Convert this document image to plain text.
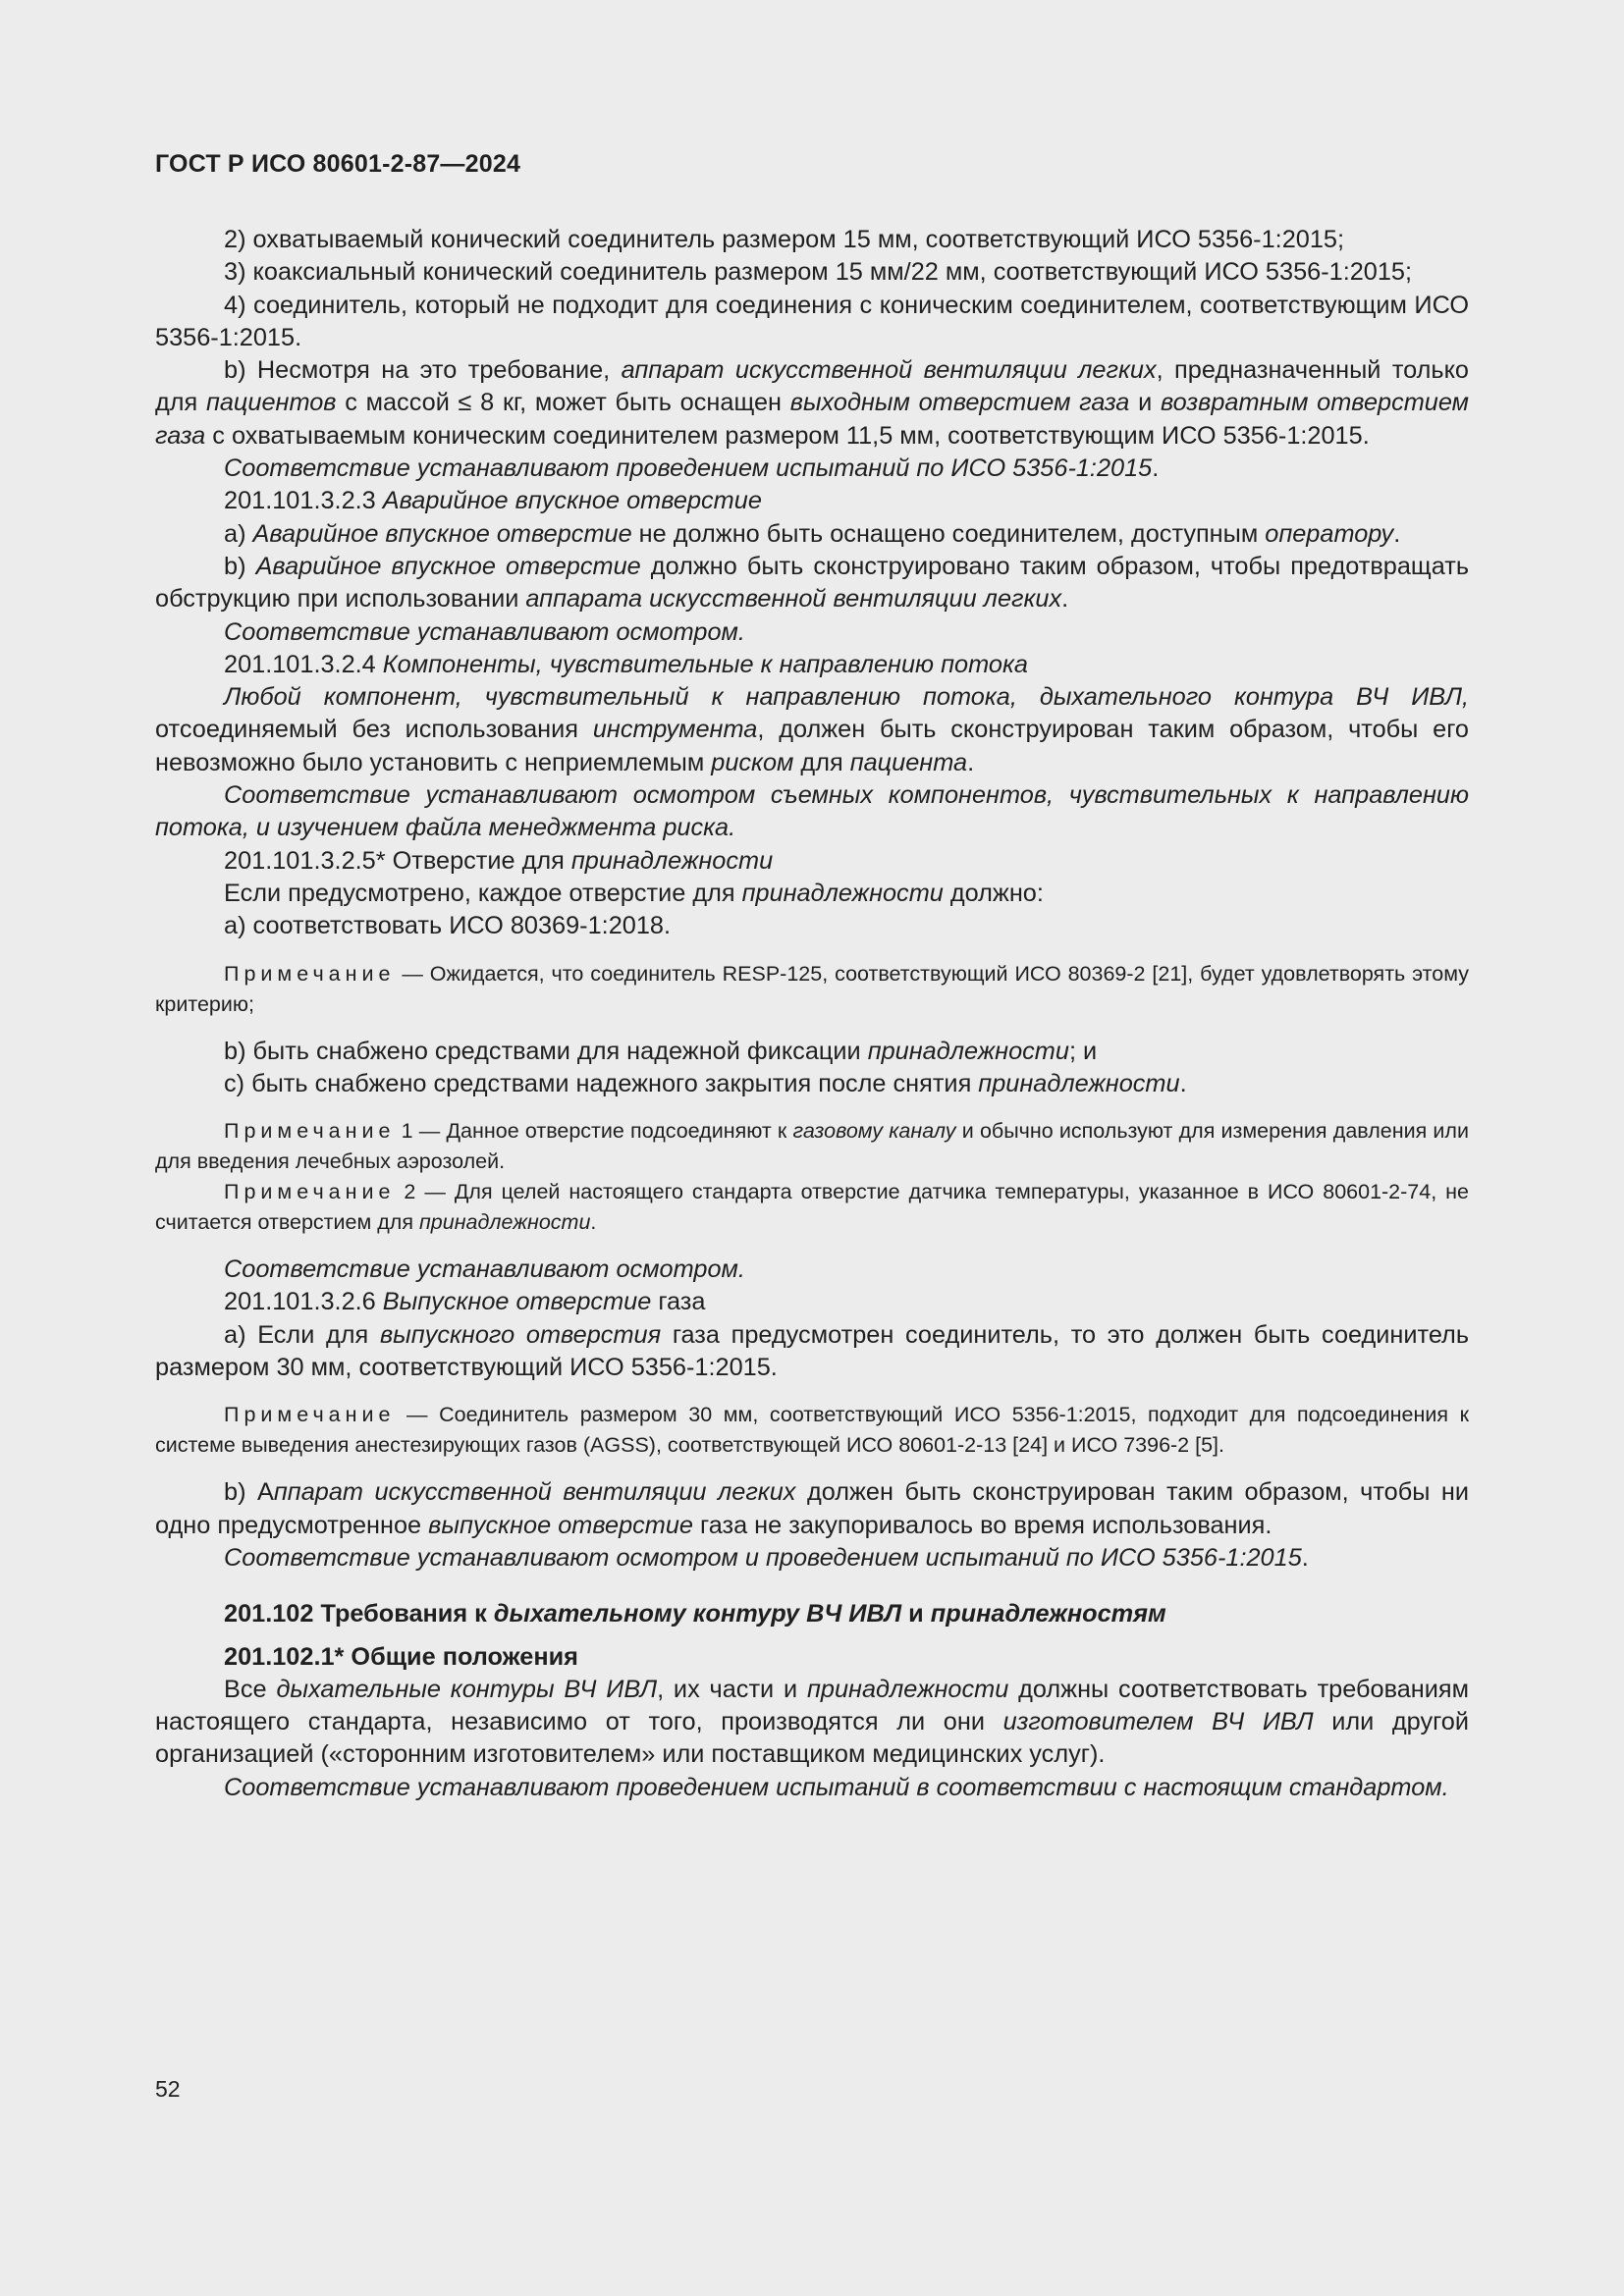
ГОСТ Р ИСО 80601-2-87—2024

2) охватываемый конический соединитель размером 15 мм, соответствующий ИСО 5356-1:2015;

3) коаксиальный конический соединитель размером 15 мм/22 мм, соответствующий ИСО 5356-1:2015;

4) соединитель, который не подходит для соединения с коническим соединителем, соответствующим ИСО 5356-1:2015.

b) Несмотря на это требование, аппарат искусственной вентиляции легких, предназначенный только для пациентов с массой ≤ 8 кг, может быть оснащен выходным отверстием газа и возвратным отверстием газа с охватываемым коническим соединителем размером 11,5 мм, соответствующим ИСО 5356-1:2015.

Соответствие устанавливают проведением испытаний по ИСО 5356-1:2015.

201.101.3.2.3 Аварийное впускное отверстие

a) Аварийное впускное отверстие не должно быть оснащено соединителем, доступным оператору.

b) Аварийное впускное отверстие должно быть сконструировано таким образом, чтобы предотвращать обструкцию при использовании аппарата искусственной вентиляции легких.

Соответствие устанавливают осмотром.

201.101.3.2.4 Компоненты, чувствительные к направлению потока

Любой компонент, чувствительный к направлению потока, дыхательного контура ВЧ ИВЛ, отсоединяемый без использования инструмента, должен быть сконструирован таким образом, чтобы его невозможно было установить с неприемлемым риском для пациента.

Соответствие устанавливают осмотром съемных компонентов, чувствительных к направлению потока, и изучением файла менеджмента риска.

201.101.3.2.5* Отверстие для принадлежности

Если предусмотрено, каждое отверстие для принадлежности должно:

a) соответствовать ИСО 80369-1:2018.

Примечание — Ожидается, что соединитель RESP-125, соответствующий ИСО 80369-2 [21], будет удовлетворять этому критерию;

b) быть снабжено средствами для надежной фиксации принадлежности; и

c) быть снабжено средствами надежного закрытия после снятия принадлежности.

Примечание 1 — Данное отверстие подсоединяют к газовому каналу и обычно используют для измерения давления или для введения лечебных аэрозолей.

Примечание 2 — Для целей настоящего стандарта отверстие датчика температуры, указанное в ИСО 80601-2-74, не считается отверстием для принадлежности.

Соответствие устанавливают осмотром.

201.101.3.2.6 Выпускное отверстие газа

a) Если для выпускного отверстия газа предусмотрен соединитель, то это должен быть соединитель размером 30 мм, соответствующий ИСО 5356-1:2015.

Примечание — Соединитель размером 30 мм, соответствующий ИСО 5356-1:2015, подходит для подсоединения к системе выведения анестезирующих газов (AGSS), соответствующей ИСО 80601-2-13 [24] и ИСО 7396-2 [5].

b) Аппарат искусственной вентиляции легких должен быть сконструирован таким образом, чтобы ни одно предусмотренное выпускное отверстие газа не закупоривалось во время использования.

Соответствие устанавливают осмотром и проведением испытаний по ИСО 5356-1:2015.

201.102 Требования к дыхательному контуру ВЧ ИВЛ и принадлежностям

201.102.1* Общие положения

Все дыхательные контуры ВЧ ИВЛ, их части и принадлежности должны соответствовать требованиям настоящего стандарта, независимо от того, производятся ли они изготовителем ВЧ ИВЛ или другой организацией («сторонним изготовителем» или поставщиком медицинских услуг).

Соответствие устанавливают проведением испытаний в соответствии с настоящим стандартом.

52
